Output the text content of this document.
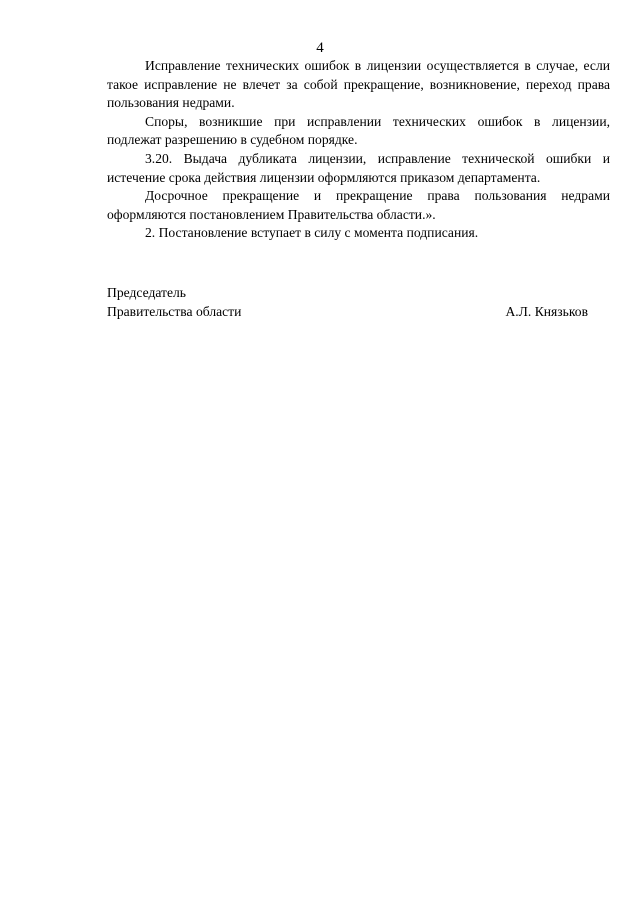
4

Исправление технических ошибок в лицензии осуществляется в случае, если такое исправление не влечет за собой прекращение, возникновение, переход права пользования недрами.

Споры, возникшие при исправлении технических ошибок в лицензии, подлежат разрешению в судебном порядке.

3.20. Выдача дубликата лицензии, исправление технической ошибки и истечение срока действия лицензии оформляются приказом департамента.

Досрочное прекращение и прекращение права пользования недрами оформляются постановлением Правительства области.».

2. Постановление вступает в силу с момента подписания.

Председатель
Правительства области	А.Л. Князьков
